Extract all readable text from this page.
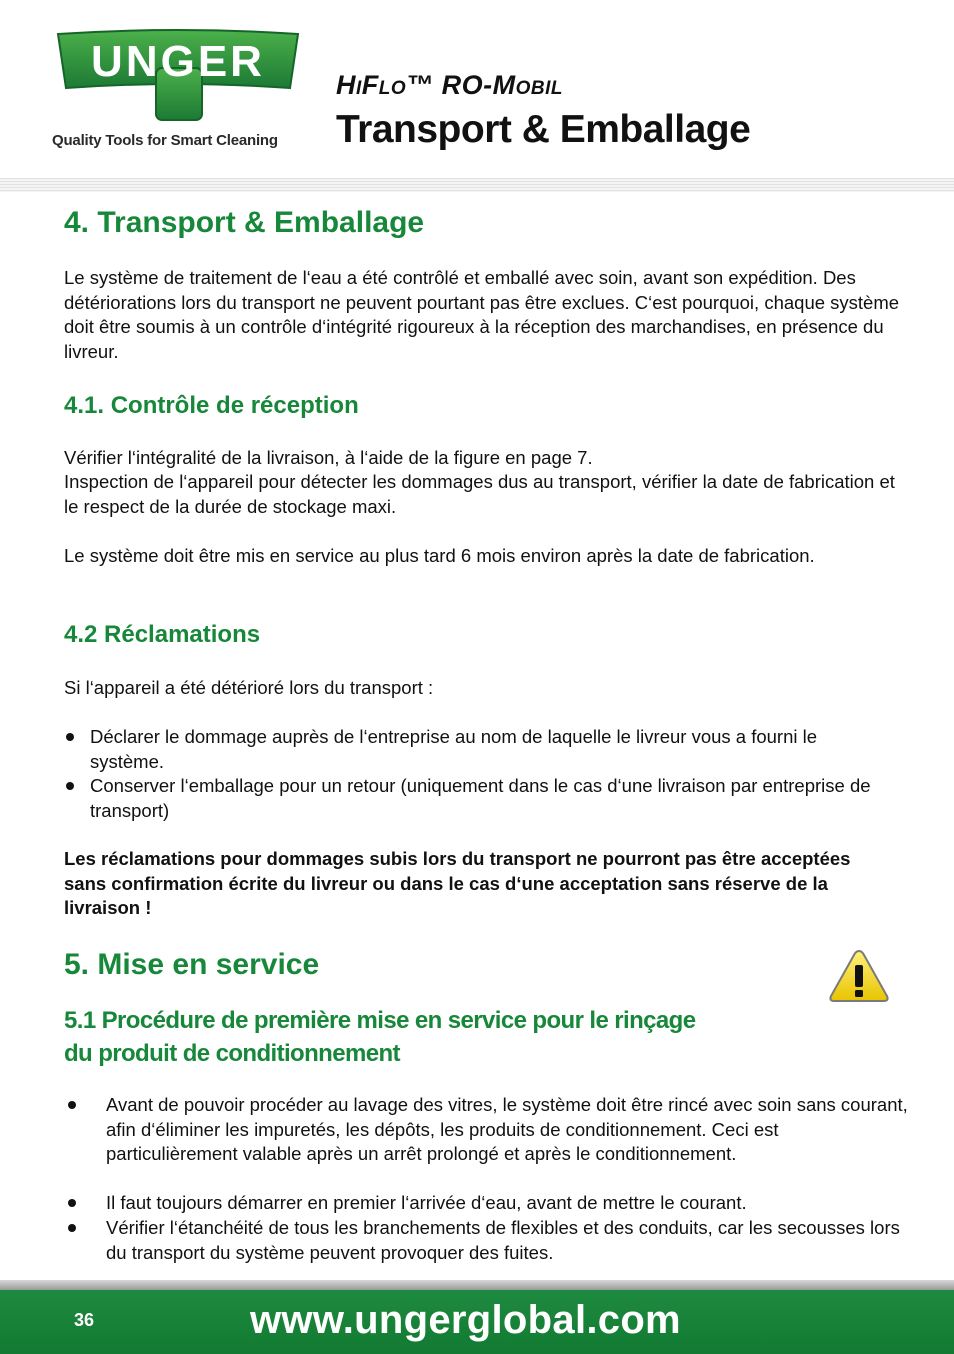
UNGER
Quality Tools for Smart Cleaning
HiFlo™ RO-Mobil
Transport & Emballage
4. Transport & Emballage
Le système de traitement de l‘eau a été contrôlé et emballé avec soin, avant son expédition. Des détériorations lors du transport ne peuvent pourtant pas être exclues. C‘est pourquoi, chaque système doit être soumis à un contrôle d‘intégrité rigoureux à la réception des marchandises, en présence du livreur.
4.1. Contrôle de réception
Vérifier l‘intégralité de la livraison, à l‘aide de la figure en page 7.
Inspection de l‘appareil pour détecter les dommages dus au transport, vérifier la date de fabrication et le respect de la durée de stockage maxi.
Le système doit être mis en service au plus tard 6 mois environ après la date de fabrication.
4.2 Réclamations
Si l‘appareil a été détérioré lors du transport :
Déclarer le dommage auprès de l‘entreprise au nom de laquelle le livreur vous a fourni le système.
Conserver l‘emballage pour un retour (uniquement dans le cas d‘une livraison par entreprise de transport)
Les réclamations pour dommages subis lors du transport ne pourront pas être acceptées sans confirmation écrite du livreur ou dans le cas d‘une acceptation sans réserve de la livraison !
5. Mise en service
5.1 Procédure de première mise en service pour le rinçage
du produit de conditionnement
Avant de pouvoir procéder au lavage des vitres, le système doit être rincé avec soin sans courant, afin d‘éliminer les impuretés, les dépôts, les produits de conditionnement. Ceci est particulièrement valable après un arrêt prolongé et après le conditionnement.
Il faut toujours démarrer en premier l‘arrivée d‘eau, avant de mettre le courant.
Vérifier l‘étanchéité de tous les branchements de flexibles et des conduits, car les secousses lors du transport du système peuvent provoquer des fuites.
36	www.ungerglobal.com
